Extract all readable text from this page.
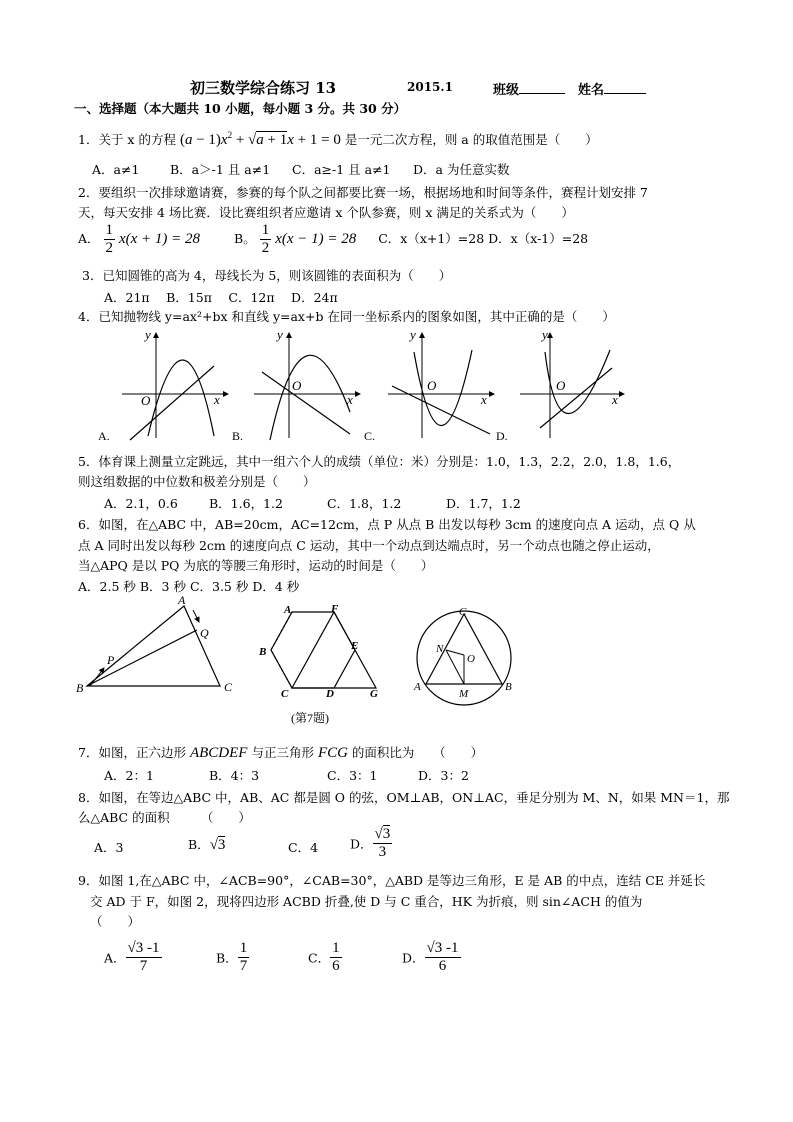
初三数学综合练习 13	2015.1	班级	姓名
一、选择题（本大题共 10 小题，每小题 3 分。共 30 分）
1．关于 x 的方程 $(a - 1)x^2 + √a + 1x + 1 = 0$ 是一元二次方程，则 a 的取值范围是（　　）
A．a≠1 B．a＞-1 且 a≠1 C．a≥-1 且 a≠1 D．a 为任意实数
2．要组织一次排球邀请赛，参赛的每个队之间都要比赛一场，根据场地和时间等条件，赛程计划安排 7
天，每天安排 4 场比赛．设比赛组织者应邀请 x 个队参赛，则 x 满足的关系式为（　　）
A． $\frac{1}{2} x(x + 1) = 28$	B。 $\frac{1}{2} x(x - 1) = 28$ C．x（x+1）=28 D．x（x-1）=28
3．已知圆锥的高为 4，母线长为 5，则该圆锥的表面积为（　　）
A．21π　 B．15π　 C．12π　 D．24π
4．已知抛物线 y=ax²+bx 和直线 y=ax+b 在同一坐标系内的图象如图，其中正确的是（　　）
y
x
O
A.
y
x
O
B.
y
x
O
C.
y
x
O
D.
A
B	C
P
Q
A	F
B	E
C	D	G
(第7题)
C
N
O
A
M
B
5．体育课上测量立定跳远，其中一组六个人的成绩（单位：米）分别是：1.0，1.3，2.2，2.0，1.8，1.6，
则这组数据的中位数和极差分别是（　　）
A．2.1，0.6 B．1.6，1.2	C．1.8，1.2	D．1.7，1.2
6．如图，在△ABC 中，AB=20cm，AC=12cm，点 P 从点 B 出发以每秒 3cm 的速度向点 A 运动，点 Q 从
点 A 同时出发以每秒 2cm 的速度向点 C 运动，其中一个动点到达端点时，另一个动点也随之停止运动，
当△APQ 是以 PQ 为底的等腰三角形时，运动的时间是（　　）
A．2.5 秒 B．3 秒 C．3.5 秒 D．4 秒
7．如图，正六边形 ABCDEF 与正三角形 FCG 的面积比为　　（　　）
A．2：1	B．4：3	C．3：1	D．3：2
8．如图，在等边△ABC 中，AB、AC 都是圆 O 的弦，OM⊥AB，ON⊥AC，垂足分别为 M、N，如果 MN＝1，那
么△ABC 的面积　　　（　　）
A．3	B．√3	C．4	D． $\frac{√3}{3}$
9．如图 1,在△ABC 中，∠ACB=90°，∠CAB=30°，△ABD 是等边三角形，E 是 AB 的中点，连结 CE 并延长
交 AD 于 F，如图 2，现将四边形 ACBD 折叠,使 D 与 C 重合，HK 为折痕，则 sin∠ACH 的值为
（　　）
A． $\frac{√3 -1}{7}$	B． $\frac{1}{7}$	C． $\frac{1}{6}$	D． $\frac{√3 -1}{6}$
